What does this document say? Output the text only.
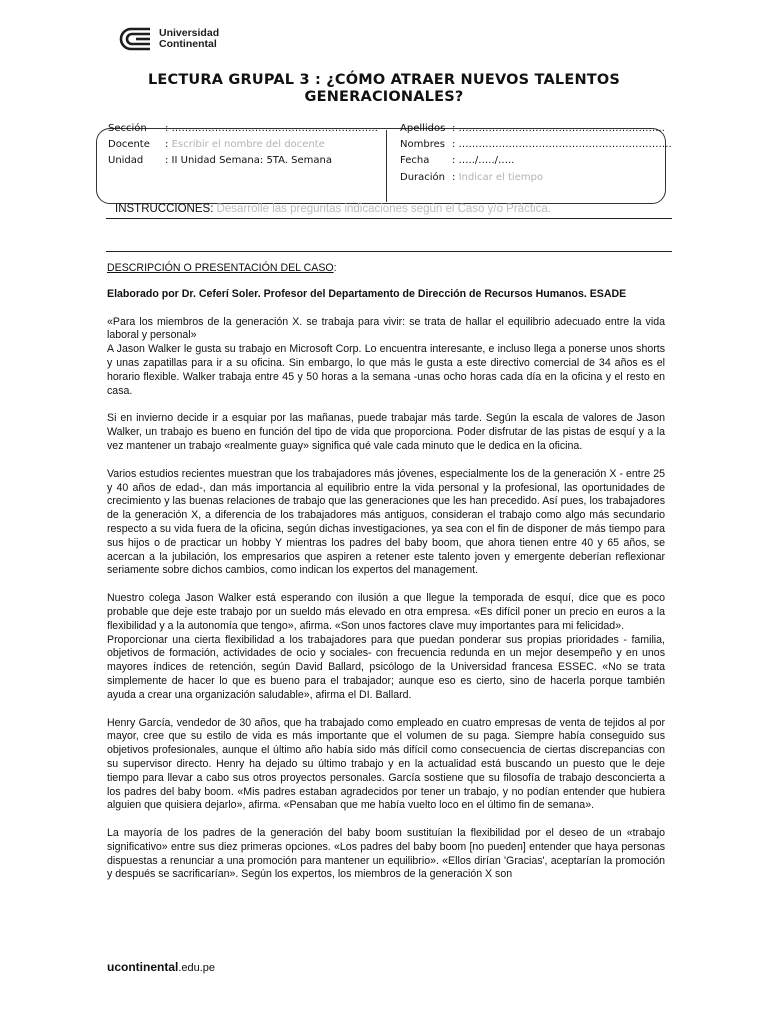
Universidad
Continental
LECTURA GRUPAL 3 : ¿CÓMO ATRAER NUEVOS TALENTOS
GENERACIONALES?
Sección : ……………………………………………………..
Docente : Escribir el nombre del docente
Unidad : II Unidad Semana: 5TA. Semana
Apellidos : ……………………………………………………..
Nombres : ……………………………………………………….
Fecha : …../…../…..
Duración : Indicar el tiempo
INSTRUCCIONES: Desarrolle las preguntas indicaciones según el Caso y/o Práctica.

DESCRIPCIÓN O PRESENTACIÓN DEL CASO:

Elaborado por Dr. Ceferí Soler. Profesor del Departamento de Dirección de Recursos Humanos. ESADE

«Para los miembros de la generación X. se trabaja para vivir: se trata de hallar el equilibrio adecuado entre la vida laboral y personal»

A Jason Walker le gusta su trabajo en Microsoft Corp. Lo encuentra interesante, e incluso llega a ponerse unos shorts y unas zapatillas para ir a su oficina. Sin embargo, lo que más le gusta a este directivo comercial de 34 años es el horario flexible. Walker trabaja entre 45 y 50 horas a la semana -unas ocho horas cada día en la oficina y el resto en casa.

Si en invierno decide ir a esquiar por las mañanas, puede trabajar más tarde. Según la escala de valores de Jason Walker, un trabajo es bueno en función del tipo de vida que proporciona. Poder disfrutar de las pistas de esquí y a la vez mantener un trabajo «realmente guay» significa qué vale cada minuto que le dedica en la oficina.

Varios estudios recientes muestran que los trabajadores más jóvenes, especialmente los de la generación X - entre 25 y 40 años de edad-, dan más importancia al equilibrio entre la vida personal y la profesional, las oportunidades de crecimiento y las buenas relaciones de trabajo que las generaciones que les han precedido. Así pues, los trabajadores de la generación X, a diferencia de los trabajadores más antiguos, consideran el trabajo como algo más secundario respecto a su vida fuera de la oficina, según dichas investigaciones, ya sea con el fin de disponer de más tiempo para sus hijos o de practicar un hobby Y mientras los padres del baby boom, que ahora tienen entre 40 y 65 años, se acercan a la jubilación, los empresarios que aspiren a retener este talento joven y emergente deberían reflexionar seriamente sobre dichos cambios, como indican los expertos del management.

Nuestro colega Jason Walker está esperando con ilusión a que llegue la temporada de esquí, dice que es poco probable que deje este trabajo por un sueldo más elevado en otra empresa. «Es difícil poner un precio en euros a la flexibilidad y a la autonomía que tengo», afirma. «Son unos factores clave muy importantes para mi felicidad».

Proporcionar una cierta flexibilidad a los trabajadores para que puedan ponderar sus propias prioridades - familia, objetivos de formación, actividades de ocio y sociales- con frecuencia redunda en un mejor desempeño y en unos mayores índices de retención, según David Ballard, psicólogo de la Universidad francesa ESSEC. «No se trata simplemente de hacer lo que es bueno para el trabajador; aunque eso es cierto, sino de hacerla porque también ayuda a crear una organización saludable», afirma el DI. Ballard.

Henry García, vendedor de 30 años, que ha trabajado como empleado en cuatro empresas de venta de tejidos al por mayor, cree que su estilo de vida es más importante que el volumen de su paga. Siempre había conseguido sus objetivos profesionales, aunque el último año había sido más difícil como consecuencia de ciertas discrepancias con su supervisor directo. Henry ha dejado su último trabajo y en la actualidad está buscando un puesto que le deje tiempo para llevar a cabo sus otros proyectos personales. García sostiene que su filosofía de trabajo desconcierta a los padres del baby boom. «Mis padres estaban agradecidos por tener un trabajo, y no podían entender que hubiera alguien que quisiera dejarlo», afirma. «Pensaban que me había vuelto loco en el último fin de semana».

La mayoría de los padres de la generación del baby boom sustituían la flexibilidad por el deseo de un «trabajo significativo» entre sus diez primeras opciones. «Los padres del baby boom [no pueden] entender que haya personas dispuestas a renunciar a una promoción para mantener un equilibrio». «Ellos dirían 'Gracias', aceptarían la promoción y después se sacrificarían». Según los expertos, los miembros de la generación X son

ucontinental.edu.pe
